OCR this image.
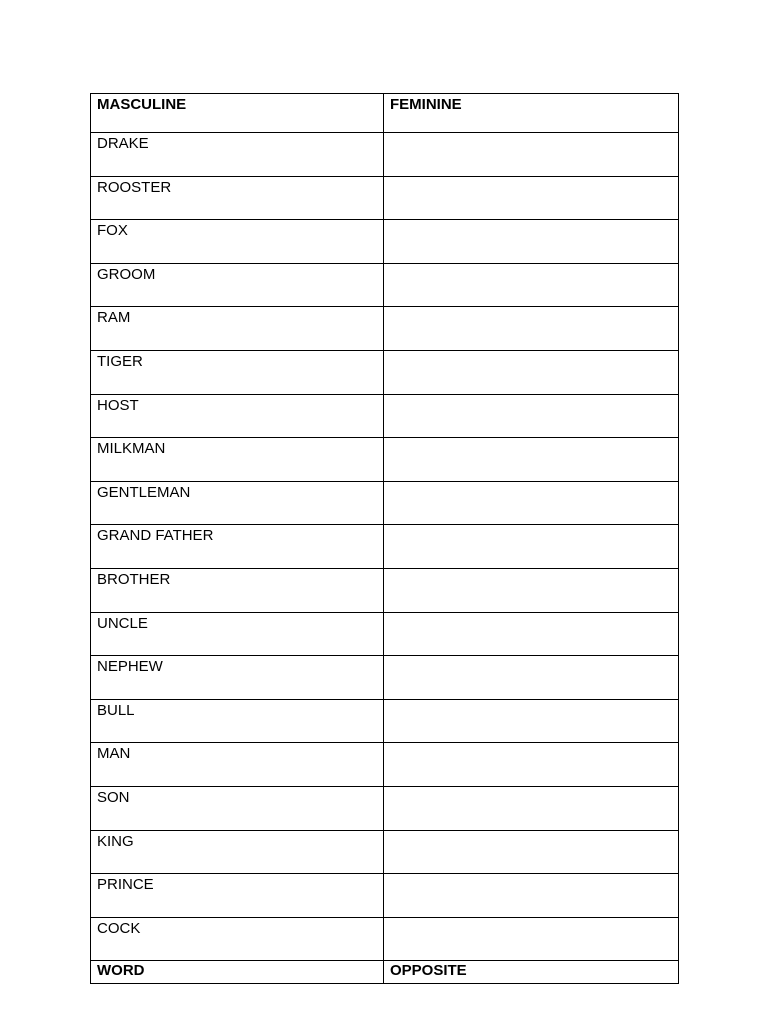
MASCULINE	FEMININE
DRAKE	
ROOSTER	
FOX	
GROOM	
RAM	
TIGER	
HOST	
MILKMAN	
GENTLEMAN	
GRAND FATHER	
BROTHER	
UNCLE	
NEPHEW	
BULL	
MAN	
SON	
KING	
PRINCE	
COCK	
WORD	OPPOSITE
